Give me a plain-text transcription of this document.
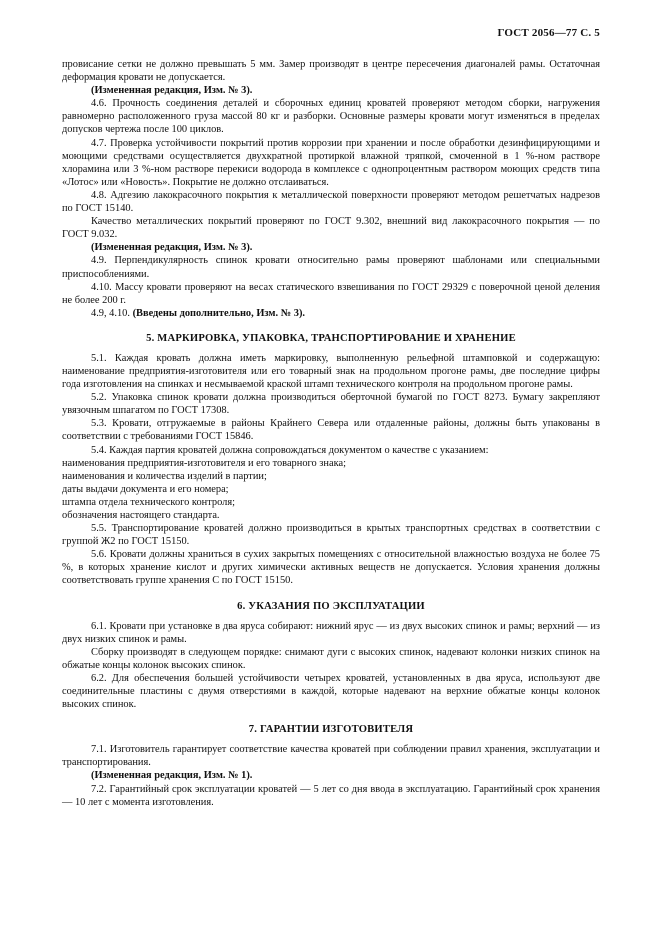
ГОСТ 2056—77 С. 5

провисание сетки не должно превышать 5 мм. Замер производят в центре пересечения диагоналей рамы. Остаточная деформация кровати не допускается.

(Измененная редакция, Изм. № 3).

4.6. Прочность соединения деталей и сборочных единиц кроватей проверяют методом сборки, нагружения равномерно расположенного груза массой 80 кг и разборки. Основные размеры кровати могут изменяться в пределах допусков чертежа после 100 циклов.

4.7. Проверка устойчивости покрытий против коррозии при хранении и после обработки дезинфицирующими и моющими средствами осуществляется двухкратной протиркой влажной тряпкой, смоченной в 1 %-ном растворе хлорамина или 3 %-ном растворе перекиси водорода в комплексе с однопроцентным раствором моющих средств типа «Лотос» или «Новость». Покрытие не должно отслаиваться.

4.8. Адгезию лакокрасочного покрытия к металлической поверхности проверяют методом решетчатых надрезов по ГОСТ 15140.

Качество металлических покрытий проверяют по ГОСТ 9.302, внешний вид лакокрасочного покрытия — по ГОСТ 9.032.

(Измененная редакция, Изм. № 3).

4.9. Перпендикулярность спинок кровати относительно рамы проверяют шаблонами или специальными приспособлениями.

4.10. Массу кровати проверяют на весах статического взвешивания по ГОСТ 29329 с поверочной ценой деления не более 200 г.

4.9, 4.10. (Введены дополнительно, Изм. № 3).

5. МАРКИРОВКА, УПАКОВКА, ТРАНСПОРТИРОВАНИЕ И ХРАНЕНИЕ

5.1. Каждая кровать должна иметь маркировку, выполненную рельефной штамповкой и содержащую: наименование предприятия-изготовителя или его товарный знак на продольном прогоне рамы, две последние цифры года изготовления на спинках и несмываемой краской штамп технического контроля на продольном прогоне рамы.

5.2. Упаковка спинок кровати должна производиться оберточной бумагой по ГОСТ 8273. Бумагу закрепляют увязочным шпагатом по ГОСТ 17308.

5.3. Кровати, отгружаемые в районы Крайнего Севера или отдаленные районы, должны быть упакованы в соответствии с требованиями ГОСТ 15846.

5.4. Каждая партия кроватей должна сопровождаться документом о качестве с указанием:

наименования предприятия-изготовителя и его товарного знака;

наименования и количества изделий в партии;

даты выдачи документа и его номера;

штампа отдела технического контроля;

обозначения настоящего стандарта.

5.5. Транспортирование кроватей должно производиться в крытых транспортных средствах в соответствии с группой Ж2 по ГОСТ 15150.

5.6. Кровати должны храниться в сухих закрытых помещениях с относительной влажностью воздуха не более 75 %, в которых хранение кислот и других химически активных веществ не допускается. Условия хранения должны соответствовать группе хранения С по ГОСТ 15150.

6. УКАЗАНИЯ ПО ЭКСПЛУАТАЦИИ

6.1. Кровати при установке в два яруса собирают: нижний ярус — из двух высоких спинок и рамы; верхний — из двух низких спинок и рамы.

Сборку производят в следующем порядке: снимают дуги с высоких спинок, надевают колонки низких спинок на обжатые концы колонок высоких спинок.

6.2. Для обеспечения большей устойчивости четырех кроватей, установленных в два яруса, используют две соединительные пластины с двумя отверстиями в каждой, которые надевают на верхние обжатые концы колонок высоких спинок.

7. ГАРАНТИИ ИЗГОТОВИТЕЛЯ

7.1. Изготовитель гарантирует соответствие качества кроватей при соблюдении правил хранения, эксплуатации и транспортирования.

(Измененная редакция, Изм. № 1).

7.2. Гарантийный срок эксплуатации кроватей — 5 лет со дня ввода в эксплуатацию. Гарантийный срок хранения — 10 лет с момента изготовления.
